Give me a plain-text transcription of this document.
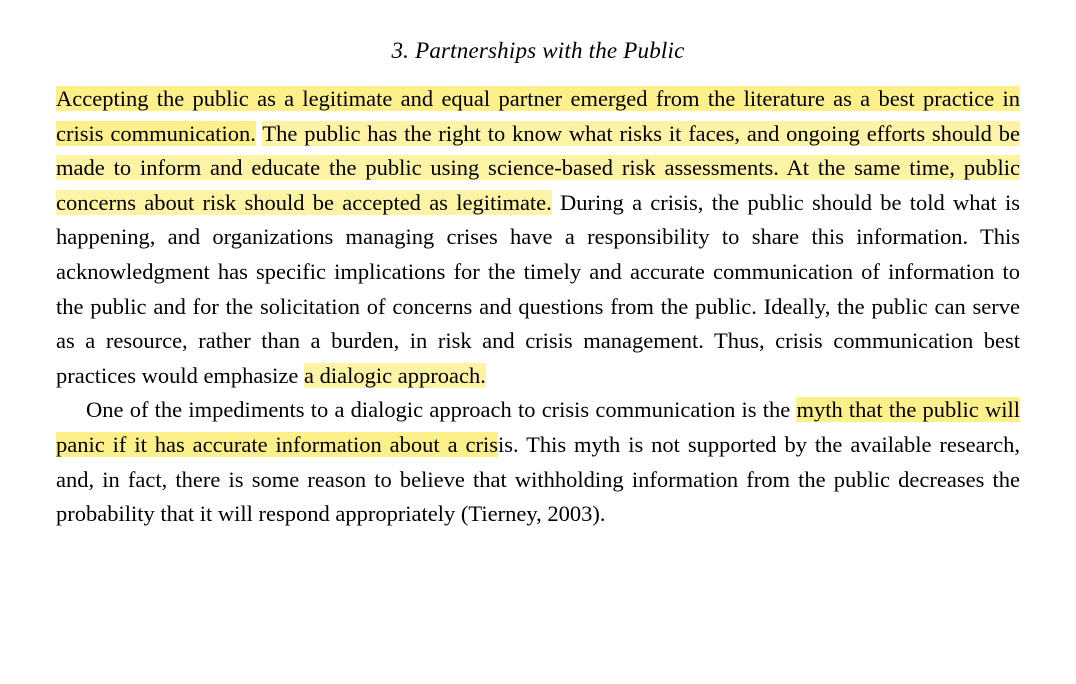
3. Partnerships with the Public

Accepting the public as a legitimate and equal partner emerged from the literature as a best practice in crisis communication. The public has the right to know what risks it faces, and ongoing efforts should be made to inform and educate the public using science-based risk assessments. At the same time, public concerns about risk should be accepted as legitimate. During a crisis, the public should be told what is happening, and organizations managing crises have a responsibility to share this information. This acknowledgment has specific implications for the timely and accurate communication of information to the public and for the solicitation of concerns and questions from the public. Ideally, the public can serve as a resource, rather than a burden, in risk and crisis management. Thus, crisis communication best practices would emphasize a dialogic approach.

One of the impediments to a dialogic approach to crisis communication is the myth that the public will panic if it has accurate information about a crisis. This myth is not supported by the available research, and, in fact, there is some reason to believe that withholding information from the public decreases the probability that it will respond appropriately (Tierney, 2003).
